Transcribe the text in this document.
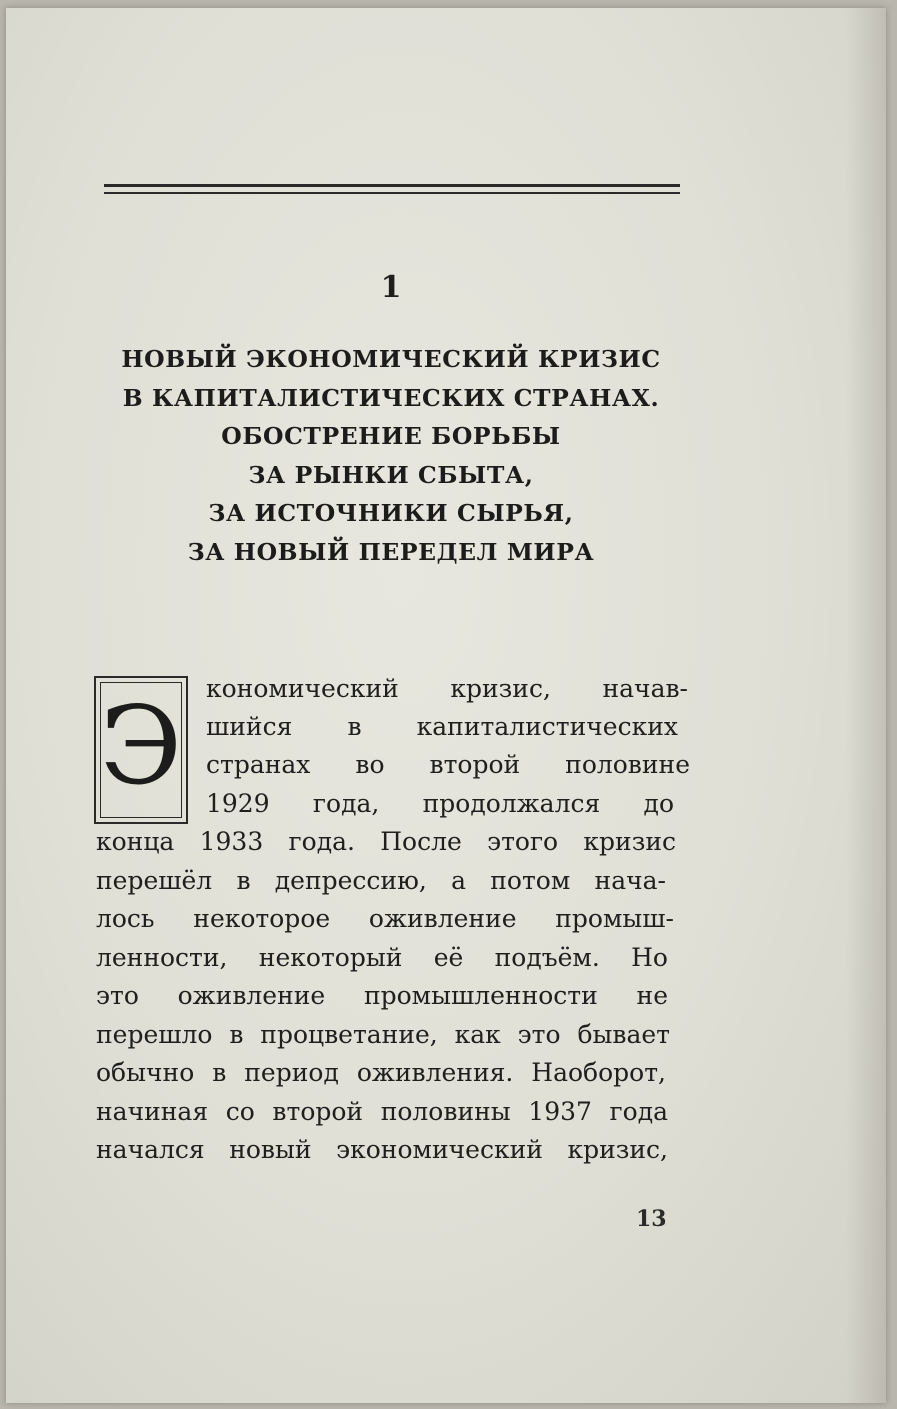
1
НОВЫЙ ЭКОНОМИЧЕСКИЙ КРИЗИС
В КАПИТАЛИСТИЧЕСКИХ СТРАНАХ.
ОБОСТРЕНИЕ БОРЬБЫ
ЗА РЫНКИ СБЫТА,
ЗА ИСТОЧНИКИ СЫРЬЯ,
ЗА НОВЫЙ ПЕРЕДЕЛ МИРА
Э кономический кризис, начав-
шийся в капиталистических
странах во второй половине
1929 года, продолжался до
конца 1933 года. После этого кризис
перешёл в депрессию, а потом нача-
лось некоторое оживление промыш-
ленности, некоторый её подъём. Но
это оживление промышленности не
перешло в процветание, как это бывает
обычно в период оживления. Наоборот,
начиная со второй половины 1937 года
начался новый экономический кризис,
13
